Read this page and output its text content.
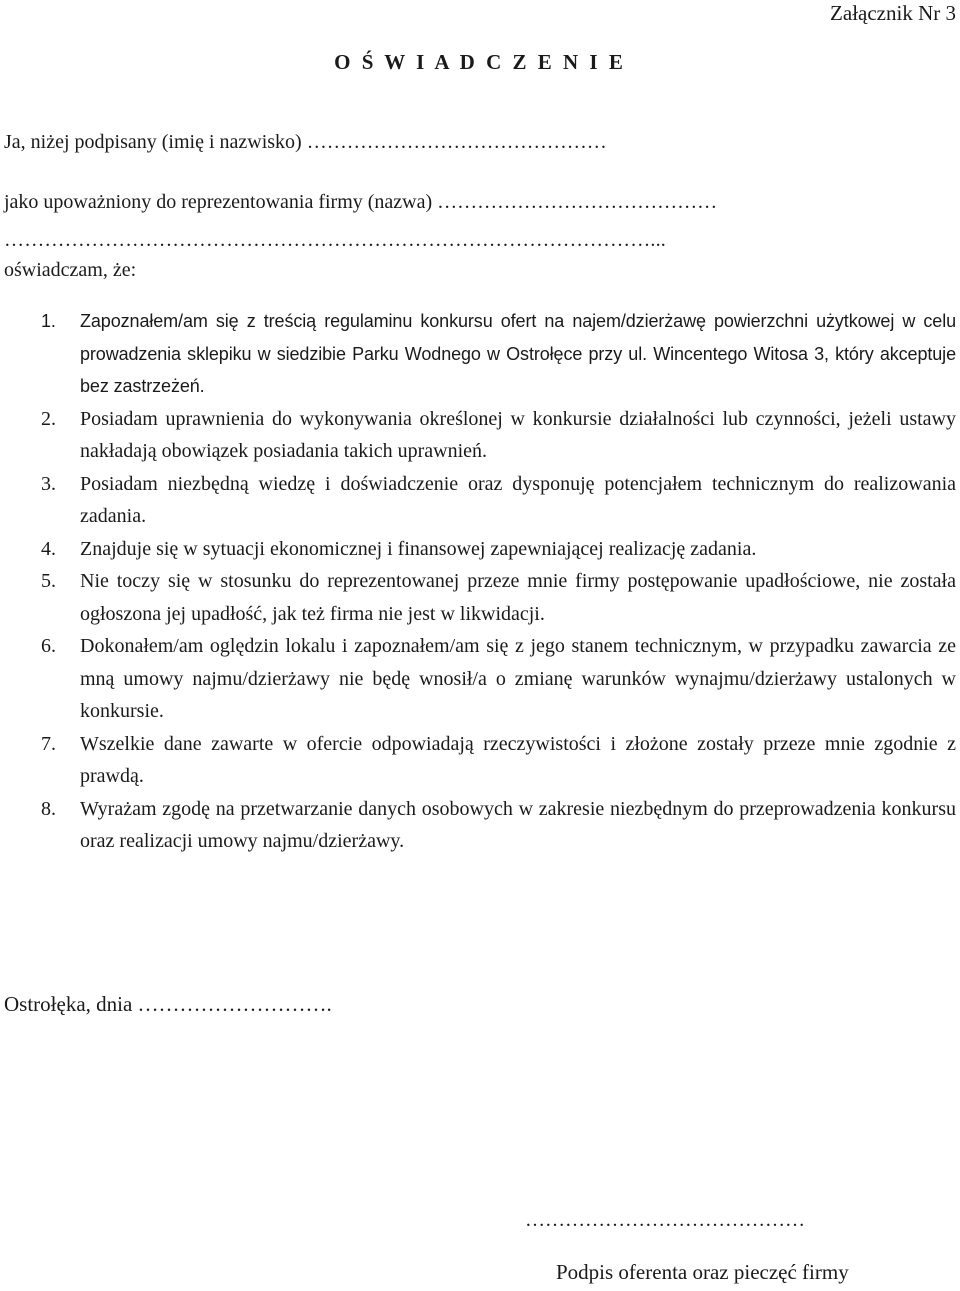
Załącznik Nr 3
O Ś W I A D C Z E N I E
Ja, niżej podpisany (imię i nazwisko) ………………………………………
jako upoważniony do reprezentowania firmy (nazwa) ……………………………………
……………………………………………………………………………………...
oświadczam, że:
1. Zapoznałem/am się z treścią regulaminu konkursu ofert na najem/dzierżawę powierzchni użytkowej w celu prowadzenia sklepiku w siedzibie Parku Wodnego w Ostrołęce przy ul. Wincentego Witosa 3, który akceptuje bez zastrzeżeń.
2. Posiadam uprawnienia do wykonywania określonej w konkursie działalności lub czynności, jeżeli ustawy nakładają obowiązek posiadania takich uprawnień.
3. Posiadam niezbędną wiedzę i doświadczenie oraz dysponuję potencjałem technicznym do realizowania zadania.
4. Znajduje się w sytuacji ekonomicznej i finansowej zapewniającej realizację zadania.
5. Nie toczy się w stosunku do reprezentowanej przeze mnie firmy postępowanie upadłościowe, nie została ogłoszona jej upadłość, jak też firma nie jest w likwidacji.
6. Dokonałem/am oględzin lokalu i zapoznałem/am się z jego stanem technicznym, w przypadku zawarcia ze mną umowy najmu/dzierżawy nie będę wnosił/a o zmianę warunków wynajmu/dzierżawy ustalonych w konkursie.
7. Wszelkie dane zawarte w ofercie odpowiadają rzeczywistości i złożone zostały przeze mnie zgodnie z prawdą.
8. Wyrażam zgodę na przetwarzanie danych osobowych w zakresie niezbędnym do przeprowadzenia konkursu oraz realizacji umowy najmu/dzierżawy.
Ostrołęka, dnia ……………………….
……………………………………
Podpis oferenta oraz pieczęć firmy
